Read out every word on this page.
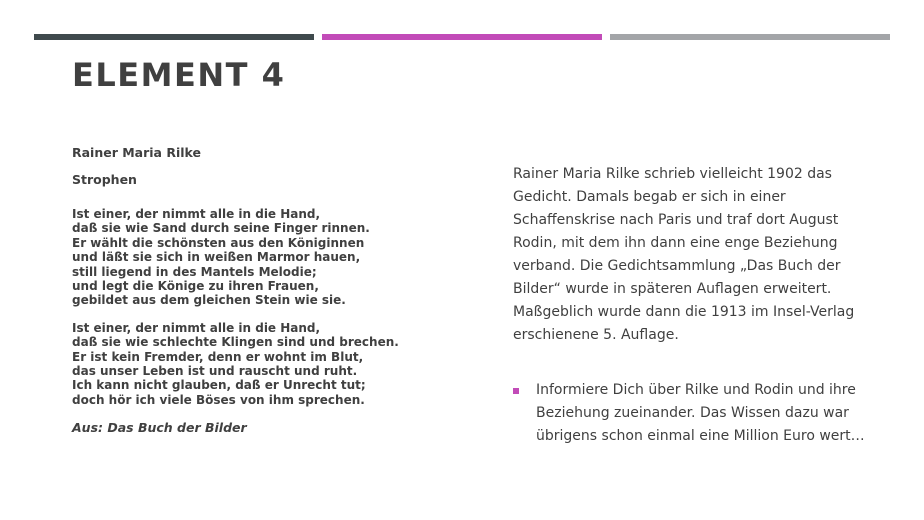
ELEMENT 4
Rainer Maria Rilke
Strophen
Ist einer, der nimmt alle in die Hand,
daß sie wie Sand durch seine Finger rinnen.
Er wählt die schönsten aus den Königinnen
und läßt sie sich in weißen Marmor hauen,
still liegend in des Mantels Melodie;
und legt die Könige zu ihren Frauen,
gebildet aus dem gleichen Stein wie sie.
Ist einer, der nimmt alle in die Hand,
daß sie wie schlechte Klingen sind und brechen.
Er ist kein Fremder, denn er wohnt im Blut,
das unser Leben ist und rauscht und ruht.
Ich kann nicht glauben, daß er Unrecht tut;
doch hör ich viele Böses von ihm sprechen.
Aus: Das Buch der Bilder

Rainer Maria Rilke schrieb vielleicht 1902 das Gedicht. Damals begab er sich in einer Schaffenskrise nach Paris und traf dort August Rodin, mit dem ihn dann eine enge Beziehung verband. Die Gedichtsammlung „Das Buch der Bilder“ wurde in späteren Auflagen erweitert. Maßgeblich wurde dann die 1913 im Insel-Verlag erschienene 5. Auflage.

Informiere Dich über Rilke und Rodin und ihre Beziehung zueinander. Das Wissen dazu war übrigens schon einmal eine Million Euro wert…
